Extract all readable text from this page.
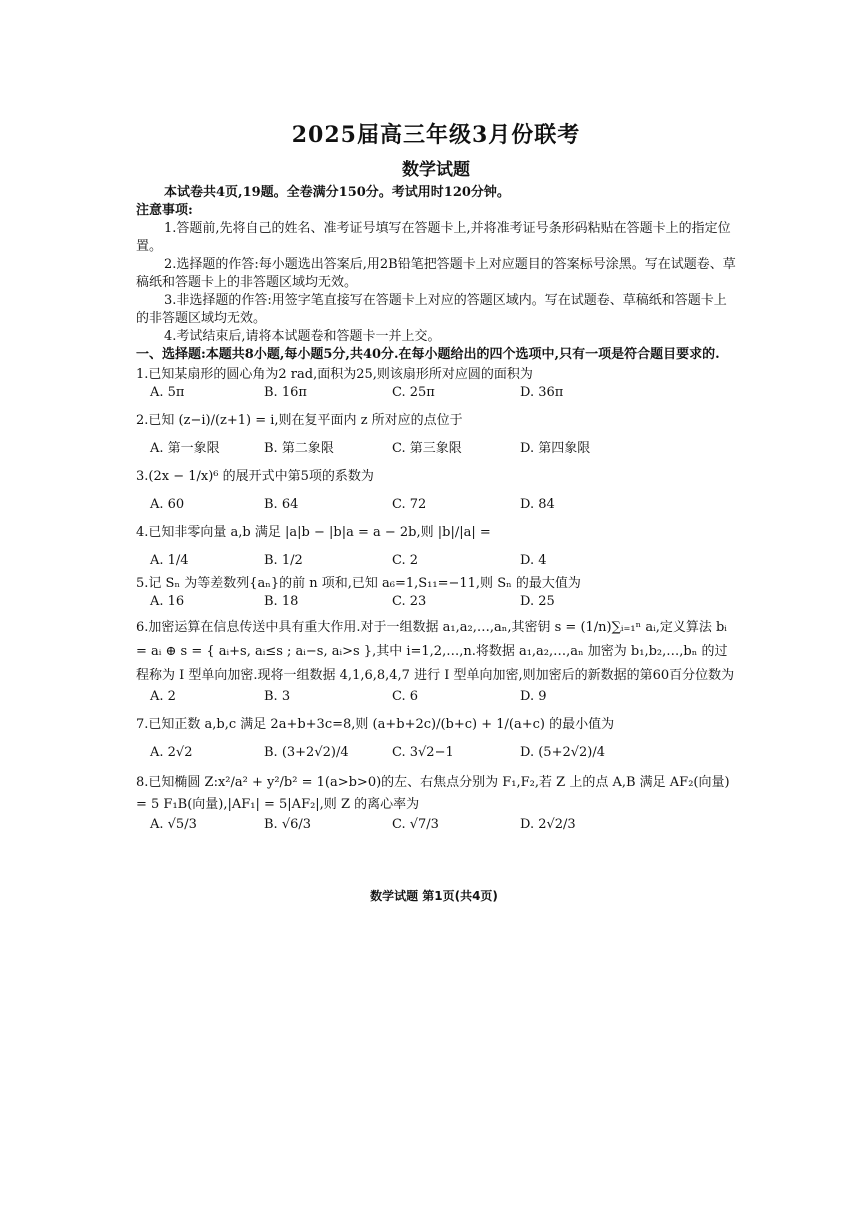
2025届高三年级3月份联考
数学试题

本试卷共4页,19题。全卷满分150分。考试用时120分钟。

注意事项:

1.答题前,先将自己的姓名、准考证号填写在答题卡上,并将准考证号条形码粘贴在答题卡上的指定位置。

2.选择题的作答:每小题选出答案后,用2B铅笔把答题卡上对应题目的答案标号涂黑。写在试题卷、草稿纸和答题卡上的非答题区域均无效。

3.非选择题的作答:用签字笔直接写在答题卡上对应的答题区域内。写在试题卷、草稿纸和答题卡上的非答题区域均无效。

4.考试结束后,请将本试题卷和答题卡一并上交。

一、选择题:本题共8小题,每小题5分,共40分.在每小题给出的四个选项中,只有一项是符合题目要求的.

1.已知某扇形的圆心角为2 rad,面积为25,则该扇形所对应圆的面积为

A. 5π	B. 16π	C. 25π	D. 36π

2.已知 (z−i)/(z+1) = i,则在复平面内 z 所对应的点位于

A. 第一象限	B. 第二象限	C. 第三象限	D. 第四象限

3.(2x − 1/x)⁶ 的展开式中第5项的系数为

A. 60	B. 64	C. 72	D. 84

4.已知非零向量 a,b 满足 |a|b − |b|a = a − 2b,则 |b|/|a| =

A. 1/4	B. 1/2	C. 2	D. 4

5.记 Sₙ 为等差数列{aₙ}的前 n 项和,已知 a₆=1,S₁₁=−11,则 Sₙ 的最大值为

A. 16	B. 18	C. 23	D. 25

6.加密运算在信息传送中具有重大作用.对于一组数据 a₁,a₂,…,aₙ,其密钥 s = (1/n)∑ᵢ₌₁ⁿ aᵢ,定义算法 bᵢ = aᵢ ⊕ s = { aᵢ+s, aᵢ≤s ; aᵢ−s, aᵢ>s },其中 i=1,2,…,n.将数据 a₁,a₂,…,aₙ 加密为 b₁,b₂,…,bₙ 的过程称为 I 型单向加密.现将一组数据 4,1,6,8,4,7 进行 I 型单向加密,则加密后的新数据的第60百分位数为

A. 2	B. 3	C. 6	D. 9

7.已知正数 a,b,c 满足 2a+b+3c=8,则 (a+b+2c)/(b+c) + 1/(a+c) 的最小值为

A. 2√2	B. (3+2√2)/4	C. 3√2−1	D. (5+2√2)/4

8.已知椭圆 Z:x²/a² + y²/b² = 1(a>b>0)的左、右焦点分别为 F₁,F₂,若 Z 上的点 A,B 满足 AF₂(向量) = 5 F₁B(向量),|AF₁| = 5|AF₂|,则 Z 的离心率为

A. √5/3	B. √6/3	C. √7/3	D. 2√2/3
数学试题 第1页(共4页)
